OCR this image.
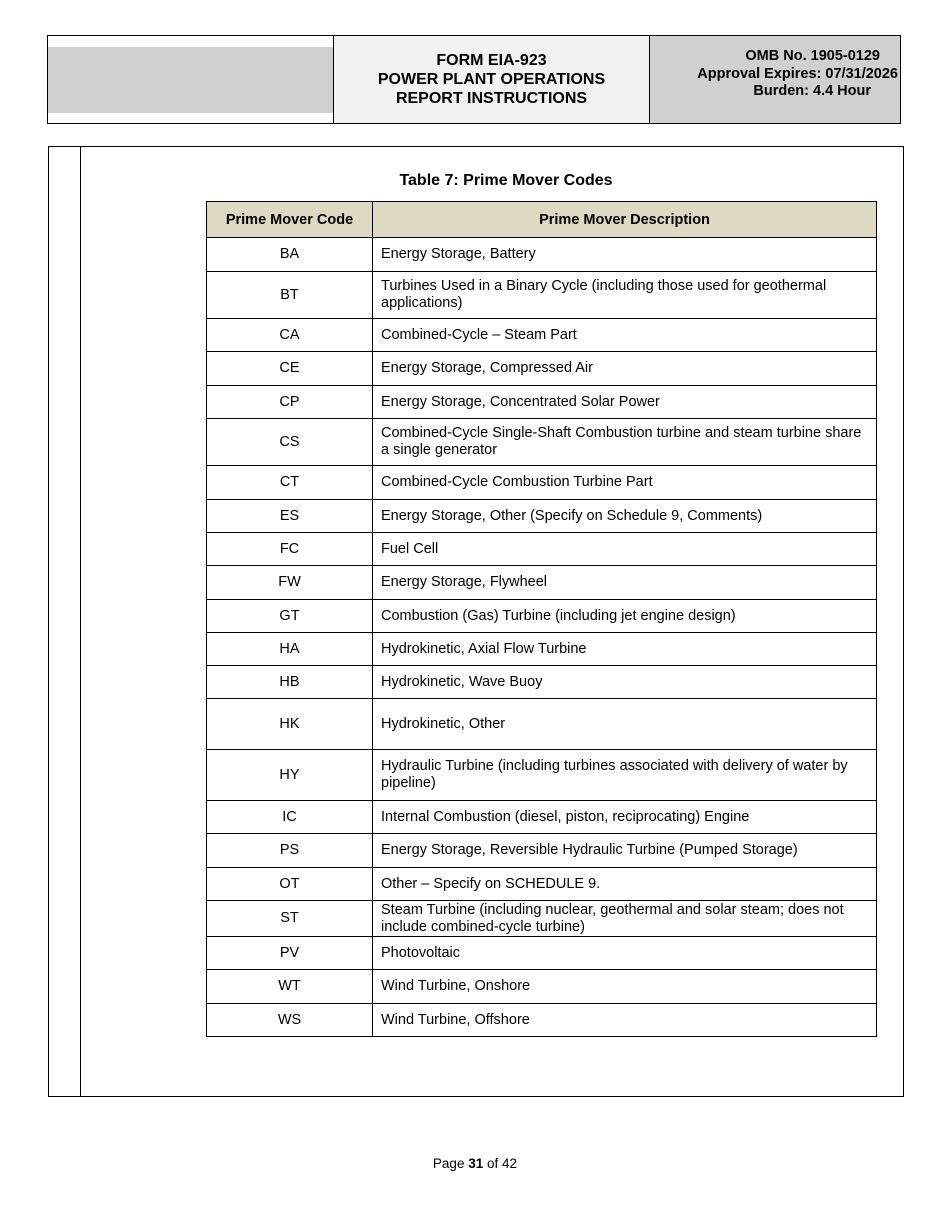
FORM EIA-923
POWER PLANT OPERATIONS
REPORT INSTRUCTIONS
OMB No. 1905-0129
Approval Expires: 07/31/2026
Burden: 4.4 Hour
Table 7: Prime Mover Codes
Prime Mover Code	Prime Mover Description
BA	Energy Storage, Battery
BT	Turbines Used in a Binary Cycle (including those used for geothermal applications)
CA	Combined-Cycle – Steam Part
CE	Energy Storage, Compressed Air
CP	Energy Storage, Concentrated Solar Power
CS	Combined-Cycle Single-Shaft Combustion turbine and steam turbine share a single generator
CT	Combined-Cycle Combustion Turbine Part
ES	Energy Storage, Other (Specify on Schedule 9, Comments)
FC	Fuel Cell
FW	Energy Storage, Flywheel
GT	Combustion (Gas) Turbine (including jet engine design)
HA	Hydrokinetic, Axial Flow Turbine
HB	Hydrokinetic, Wave Buoy
HK	Hydrokinetic, Other
HY	Hydraulic Turbine (including turbines associated with delivery of water by pipeline)
IC	Internal Combustion (diesel, piston, reciprocating) Engine
PS	Energy Storage, Reversible Hydraulic Turbine (Pumped Storage)
OT	Other – Specify on SCHEDULE 9.
ST	Steam Turbine (including nuclear, geothermal and solar steam; does not include combined-cycle turbine)
PV	Photovoltaic
WT	Wind Turbine, Onshore
WS	Wind Turbine, Offshore
Page 31 of 42
